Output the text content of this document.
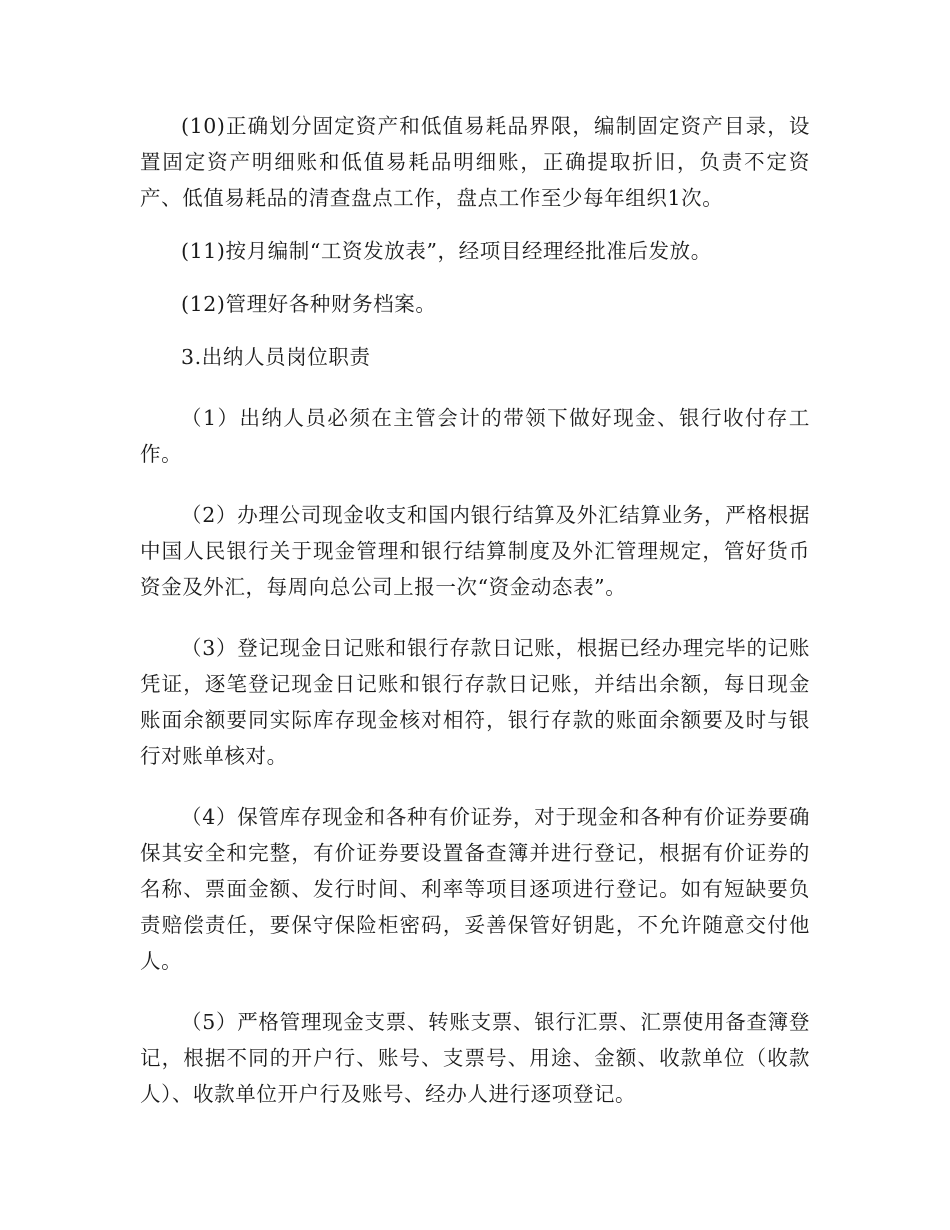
(10)正确划分固定资产和低值易耗品界限，编制固定资产目录，设置固定资产明细账和低值易耗品明细账，正确提取折旧，负责不定资产、低值易耗品的清查盘点工作，盘点工作至少每年组织1次。

(11)按月编制“工资发放表”，经项目经理经批准后发放。

(12)管理好各种财务档案。

3.出纳人员岗位职责

（1）出纳人员必须在主管会计的带领下做好现金、银行收付存工作。

（2）办理公司现金收支和国内银行结算及外汇结算业务，严格根据中国人民银行关于现金管理和银行结算制度及外汇管理规定，管好货币资金及外汇，每周向总公司上报一次“资金动态表”。

（3）登记现金日记账和银行存款日记账，根据已经办理完毕的记账凭证，逐笔登记现金日记账和银行存款日记账，并结出余额，每日现金账面余额要同实际库存现金核对相符，银行存款的账面余额要及时与银行对账单核对。

（4）保管库存现金和各种有价证券，对于现金和各种有价证券要确保其安全和完整，有价证券要设置备查簿并进行登记，根据有价证券的名称、票面金额、发行时间、利率等项目逐项进行登记。如有短缺要负责赔偿责任，要保守保险柜密码，妥善保管好钥匙，不允许随意交付他人。

（5）严格管理现金支票、转账支票、银行汇票、汇票使用备查簿登记，根据不同的开户行、账号、支票号、用途、金额、收款单位（收款人）、收款单位开户行及账号、经办人进行逐项登记。
